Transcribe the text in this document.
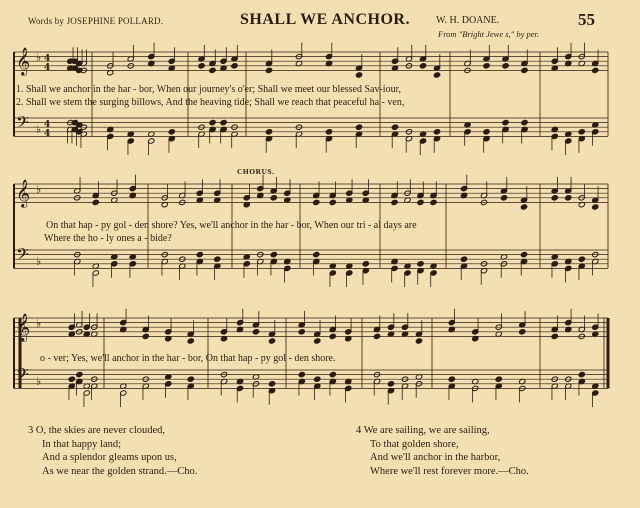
Words by JOSEPHINE POLLARD.	SHALL WE ANCHOR.	W. H. DOANE.
From "Bright Jewe s," by per.
55
𝄞 ♭ 4
4
𝄢 ♭ 4
4
𝄞 ♭
𝄢 ♭
𝄞 ♭
𝄢 ♭
1. Shall we anchor in the har - bor, When our journey's o'er; Shall we meet our blessed Sav-iour,
2. Shall we stem the surging billows, And the heaving tide; Shall we reach that peaceful ha - ven,
CHORUS.
On that hap - py gol - den shore? Yes, we'll anchor in the har - bor, When our tri - al days are
Where the ho - ly ones a - bide?
o - ver; Yes, we'll anchor in the har - bor, On that hap - py gol - den shore.
3 O, the skies are never clouded,
In that happy land;
And a splendor gleams upon us,
As we near the golden strand.—Cho.
4 We are sailing, we are sailing,
To that golden shore,
And we'll anchor in the harbor,
Where we'll rest forever more.—Cho.
